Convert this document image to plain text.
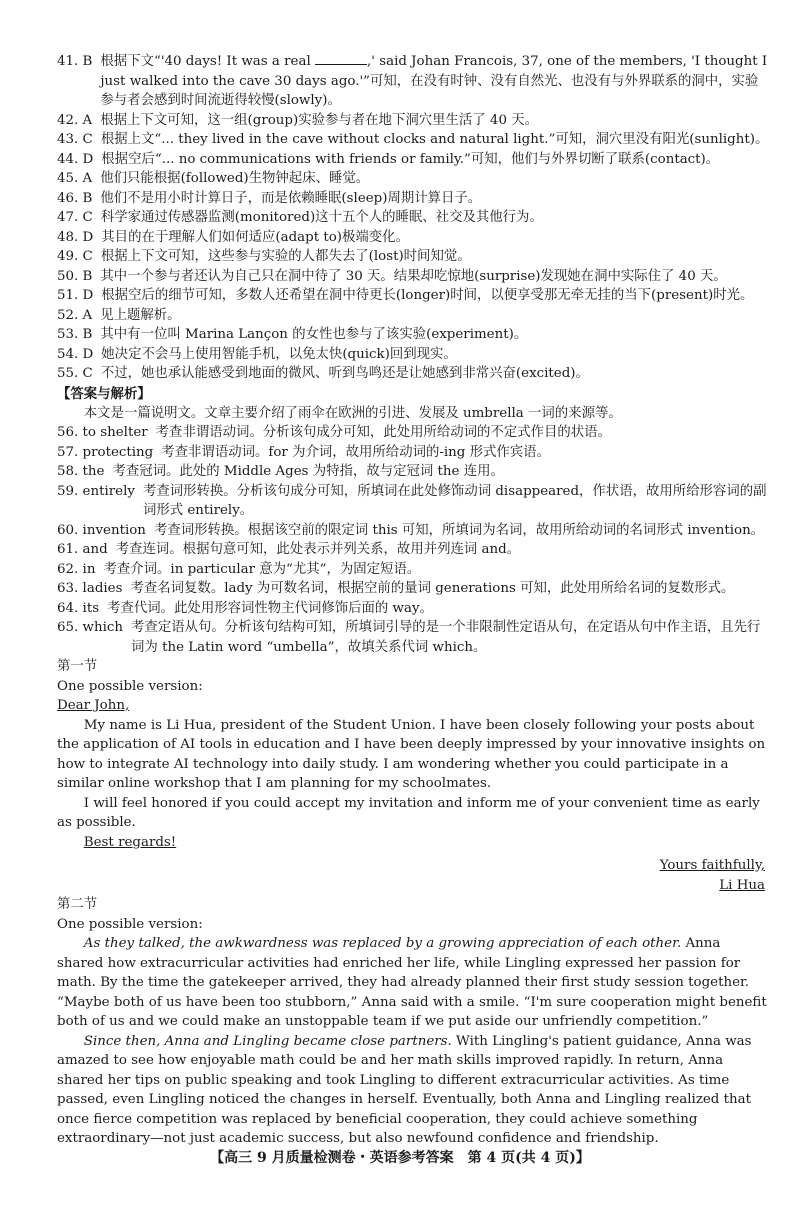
41. B 根据下文“'40 days! It was a real	,' said Johan Francois, 37, one of the members, 'I thought I just walked into the cave 30 days ago.'”可知，在没有时钟、没有自然光、也没有与外界联系的洞中，实验参与者会感到时间流逝得较慢(slowly)。
42. A 根据上下文可知，这一组(group)实验参与者在地下洞穴里生活了 40 天。
43. C 根据上文“... they lived in the cave without clocks and natural light.”可知，洞穴里没有阳光(sunlight)。
44. D 根据空后“... no communications with friends or family.”可知，他们与外界切断了联系(contact)。
45. A 他们只能根据(followed)生物钟起床、睡觉。
46. B 他们不是用小时计算日子，而是依赖睡眠(sleep)周期计算日子。
47. C 科学家通过传感器监测(monitored)这十五个人的睡眠、社交及其他行为。
48. D 其目的在于理解人们如何适应(adapt to)极端变化。
49. C 根据上下文可知，这些参与实验的人都失去了(lost)时间知觉。
50. B 其中一个参与者还认为自己只在洞中待了 30 天。结果却吃惊地(surprise)发现她在洞中实际住了 40 天。
51. D 根据空后的细节可知，多数人还希望在洞中待更长(longer)时间，以便享受那无牵无挂的当下(present)时光。
52. A 见上题解析。
53. B 其中有一位叫 Marina Lançon 的女性也参与了该实验(experiment)。
54. D 她决定不会马上使用智能手机，以免太快(quick)回到现实。
55. C 不过，她也承认能感受到地面的微风、听到鸟鸣还是让她感到非常兴奋(excited)。

【答案与解析】

本文是一篇说明文。文章主要介绍了雨伞在欧洲的引进、发展及 umbrella 一词的来源等。

56. to shelter 考查非谓语动词。分析该句成分可知，此处用所给动词的不定式作目的状语。
57. protecting 考查非谓语动词。for 为介词，故用所给动词的-ing 形式作宾语。
58. the 考查冠词。此处的 Middle Ages 为特指，故与定冠词 the 连用。
59. entirely 考查词形转换。分析该句成分可知，所填词在此处修饰动词 disappeared，作状语，故用所给形容词的副词形式 entirely。
60. invention 考查词形转换。根据该空前的限定词 this 可知，所填词为名词，故用所给动词的名词形式 invention。
61. and 考查连词。根据句意可知，此处表示并列关系，故用并列连词 and。
62. in 考查介词。in particular 意为“尤其”，为固定短语。
63. ladies 考查名词复数。lady 为可数名词，根据空前的量词 generations 可知，此处用所给名词的复数形式。
64. its 考查代词。此处用形容词性物主代词修饰后面的 way。
65. which 考查定语从句。分析该句结构可知，所填词引导的是一个非限制性定语从句，在定语从句中作主语，且先行词为 the Latin word “umbella”，故填关系代词 which。

第一节

One possible version:

Dear John,

My name is Li Hua, president of the Student Union. I have been closely following your posts about the application of AI tools in education and I have been deeply impressed by your innovative insights on how to integrate AI technology into daily study. I am wondering whether you could participate in a similar online workshop that I am planning for my schoolmates.

I will feel honored if you could accept my invitation and inform me of your convenient time as early as possible.

Best regards!

Yours faithfully,

Li Hua

第二节

One possible version:

As they talked, the awkwardness was replaced by a growing appreciation of each other. Anna shared how extracurricular activities had enriched her life, while Lingling expressed her passion for math. By the time the gatekeeper arrived, they had already planned their first study session together. “Maybe both of us have been too stubborn,” Anna said with a smile. “I'm sure cooperation might benefit both of us and we could make an unstoppable team if we put aside our unfriendly competition.”

Since then, Anna and Lingling became close partners. With Lingling's patient guidance, Anna was amazed to see how enjoyable math could be and her math skills improved rapidly. In return, Anna shared her tips on public speaking and took Lingling to different extracurricular activities. As time passed, even Lingling noticed the changes in herself. Eventually, both Anna and Lingling realized that once fierce competition was replaced by beneficial cooperation, they could achieve something extraordinary—not just academic success, but also newfound confidence and friendship.

【高三 9 月质量检测卷・英语参考答案　第 4 页(共 4 页)】
